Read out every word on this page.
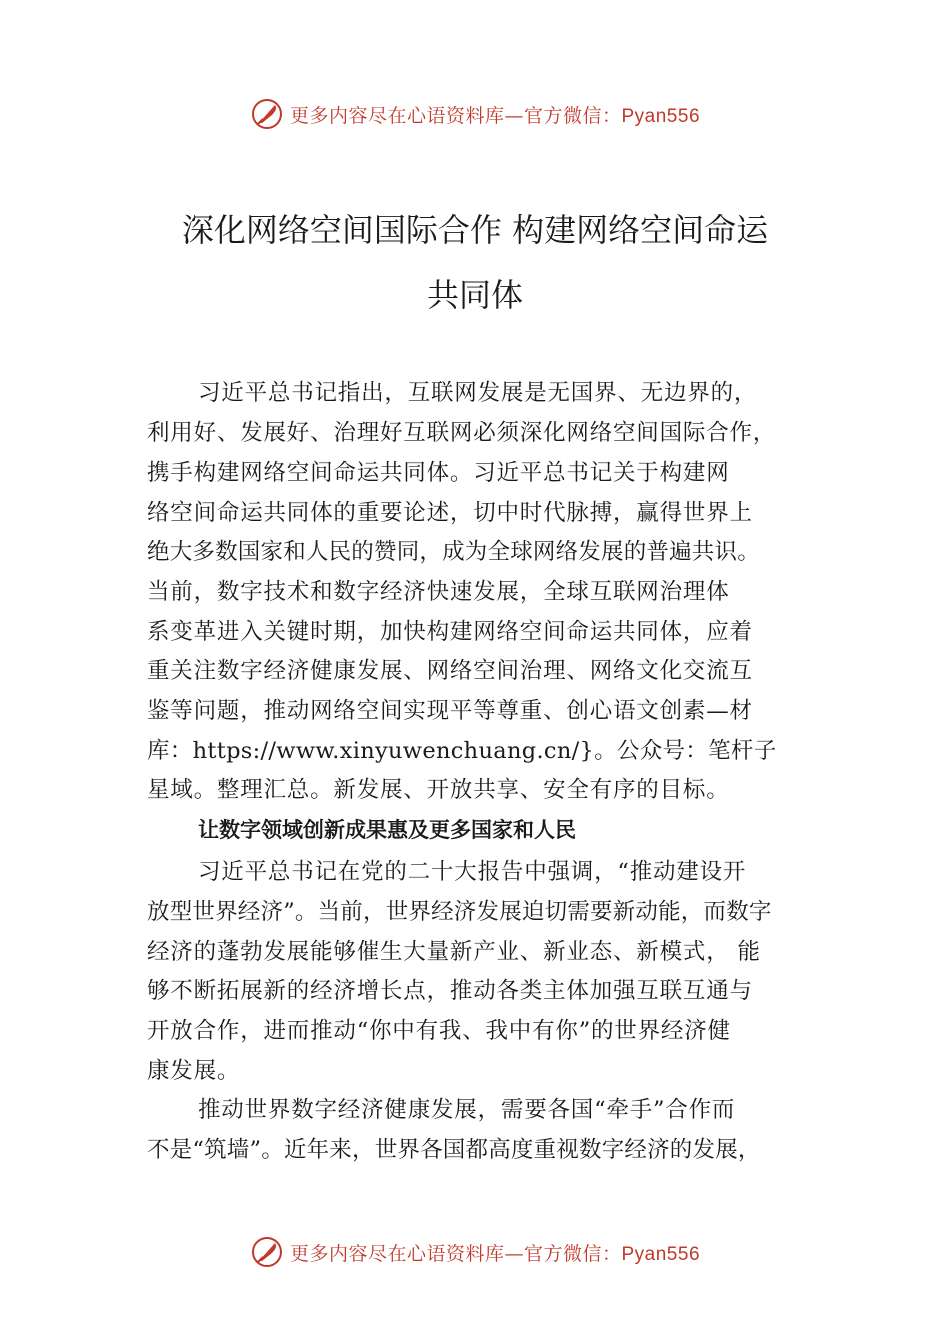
更多内容尽在心语资料库—官方微信：Pyan556
深化网络空间国际合作 构建网络空间命运
共同体
习近平总书记指出，互联网发展是无国界、无边界的，
利用好、发展好、治理好互联网必须深化网络空间国际合作，
携手构建网络空间命运共同体。习近平总书记关于构建网
络空间命运共同体的重要论述，切中时代脉搏，赢得世界上
绝大多数国家和人民的赞同，成为全球网络发展的普遍共识。
当前，数字技术和数字经济快速发展，全球互联网治理体
系变革进入关键时期，加快构建网络空间命运共同体，应着
重关注数字经济健康发展、网络空间治理、网络文化交流互
鉴等问题，推动网络空间实现平等尊重、创心语文创素—材
库：https://www.xinyuwenchuang.cn/}。公众号：笔杆子
星域。整理汇总。新发展、开放共享、安全有序的目标。
让数字领域创新成果惠及更多国家和人民
习近平总书记在党的二十大报告中强调，“推动建设开
放型世界经济”。当前，世界经济发展迫切需要新动能，而数字
经济的蓬勃发展能够催生大量新产业、新业态、新模式， 能
够不断拓展新的经济增长点，推动各类主体加强互联互通与
开放合作，进而推动“你中有我、我中有你”的世界经济健
康发展。
推动世界数字经济健康发展，需要各国“牵手”合作而
不是“筑墙”。近年来，世界各国都高度重视数字经济的发展，
更多内容尽在心语资料库—官方微信：Pyan556
